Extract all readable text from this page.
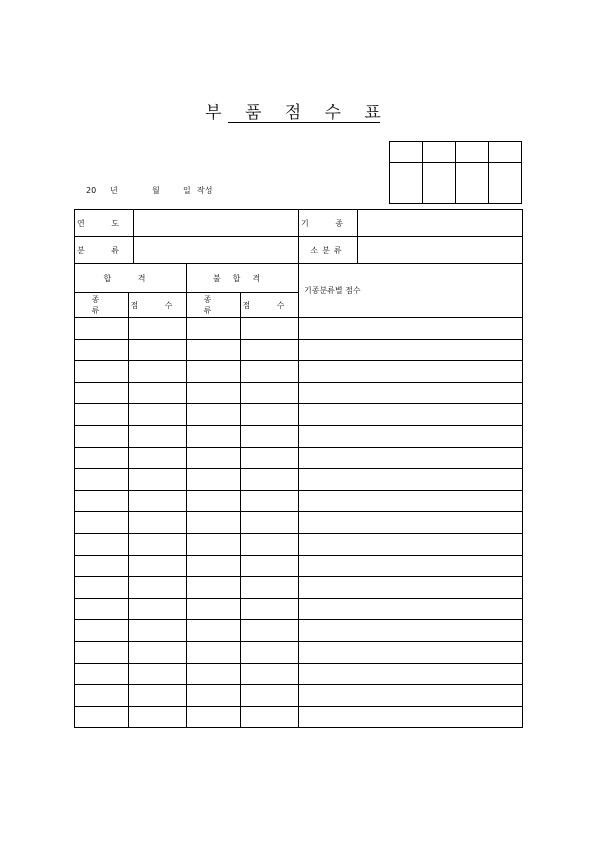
부 품 점 수 표

20 년	월	일 작성
연 도		기 종	
분 류		소분류	
합 격		불합격		기종분류별 점수
종 류	점 수	종 류	점 수	
